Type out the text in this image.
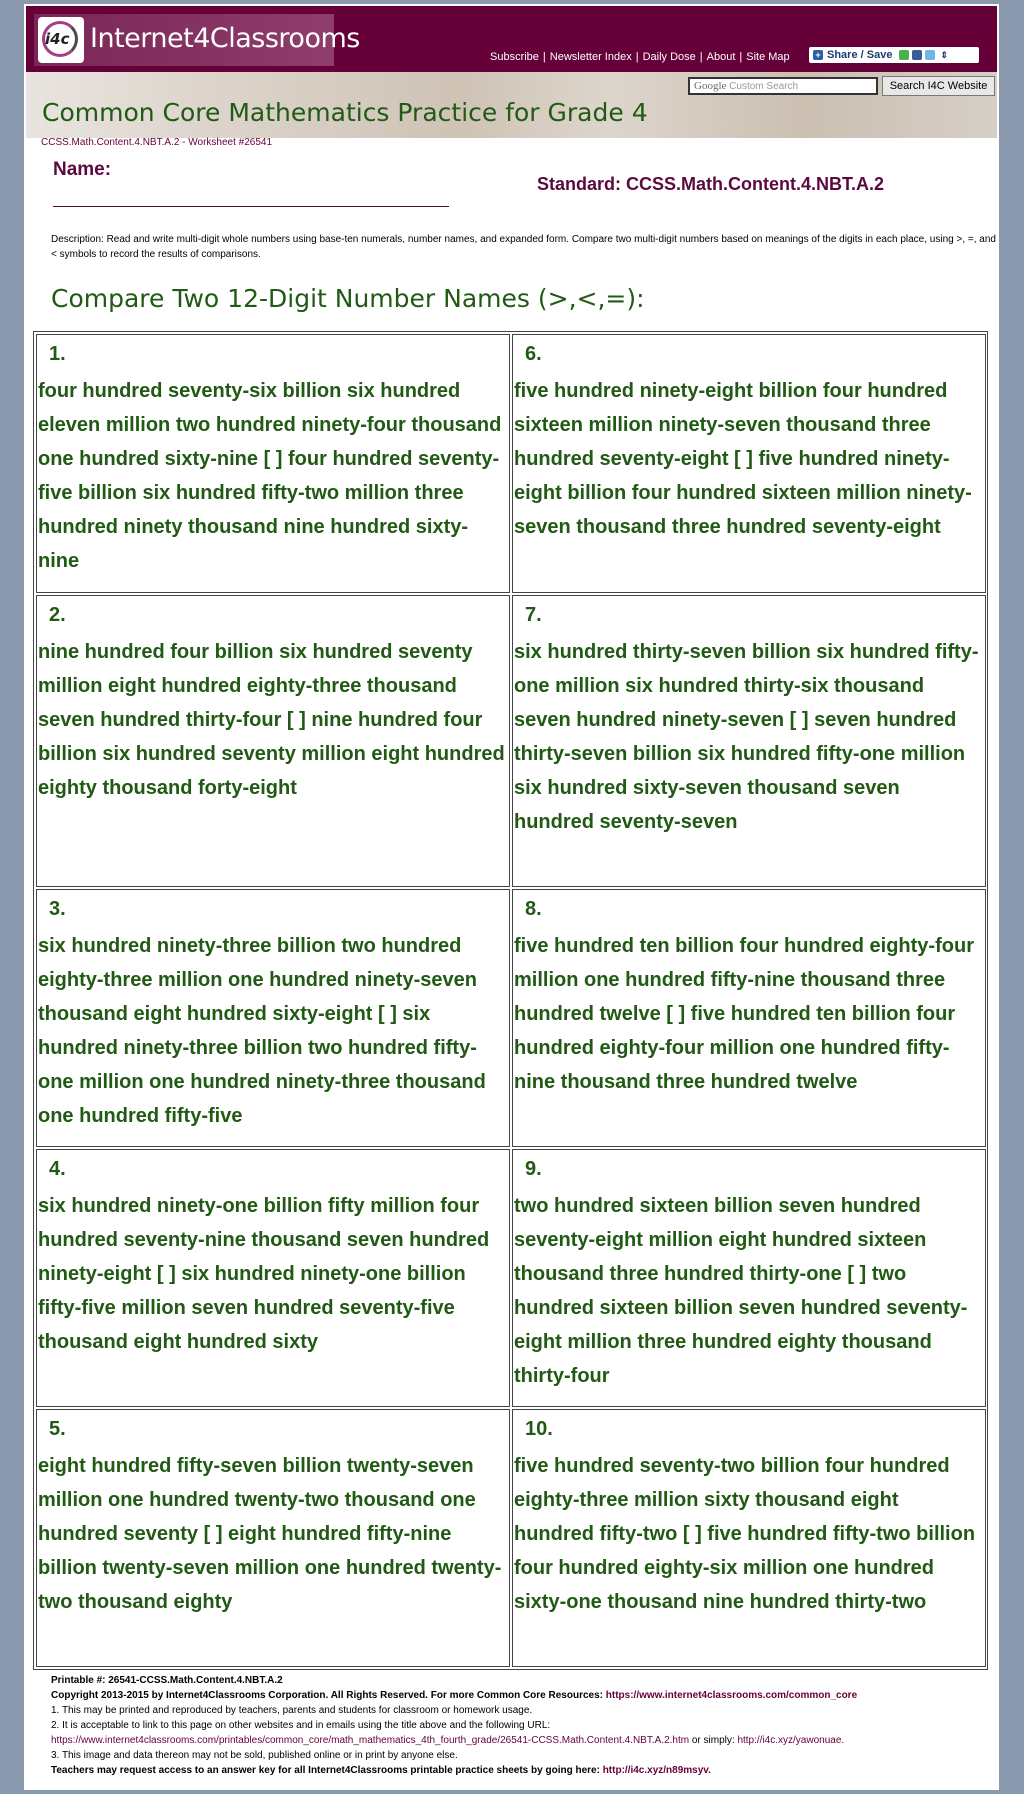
i4c Internet4Classrooms
Subscribe | Newsletter Index | Daily Dose | About | Site Map	+ Share / Save	⇕
Google Custom Search	Search I4C Website
Common Core Mathematics Practice for Grade 4
CCSS.Math.Content.4.NBT.A.2 - Worksheet #26541
Name:
Standard: CCSS.Math.Content.4.NBT.A.2
Description: Read and write multi-digit whole numbers using base-ten numerals, number names, and expanded form. Compare two multi-digit numbers based on meanings of the digits in each place, using >, =, and < symbols to record the results of comparisons.
Compare Two 12-Digit Number Names (>,<,=):
1.
four hundred seventy-six billion six hundred eleven million two hundred ninety-four thousand one hundred sixty-nine [ ] four hundred seventy-five billion six hundred fifty-two million three hundred ninety thousand nine hundred sixty-nine
6.
five hundred ninety-eight billion four hundred sixteen million ninety-seven thousand three hundred seventy-eight [ ] five hundred ninety-eight billion four hundred sixteen million ninety-seven thousand three hundred seventy-eight
2.
nine hundred four billion six hundred seventy million eight hundred eighty-three thousand seven hundred thirty-four [ ] nine hundred four billion six hundred seventy million eight hundred eighty thousand forty-eight
7.
six hundred thirty-seven billion six hundred fifty-one million six hundred thirty-six thousand seven hundred ninety-seven [ ] seven hundred thirty-seven billion six hundred fifty-one million six hundred sixty-seven thousand seven hundred seventy-seven
3.
six hundred ninety-three billion two hundred eighty-three million one hundred ninety-seven thousand eight hundred sixty-eight [ ] six hundred ninety-three billion two hundred fifty-one million one hundred ninety-three thousand one hundred fifty-five
8.
five hundred ten billion four hundred eighty-four million one hundred fifty-nine thousand three hundred twelve [ ] five hundred ten billion four hundred eighty-four million one hundred fifty-nine thousand three hundred twelve
4.
six hundred ninety-one billion fifty million four hundred seventy-nine thousand seven hundred ninety-eight [ ] six hundred ninety-one billion fifty-five million seven hundred seventy-five thousand eight hundred sixty
9.
two hundred sixteen billion seven hundred seventy-eight million eight hundred sixteen thousand three hundred thirty-one [ ] two hundred sixteen billion seven hundred seventy-eight million three hundred eighty thousand thirty-four
5.
eight hundred fifty-seven billion twenty-seven million one hundred twenty-two thousand one hundred seventy [ ] eight hundred fifty-nine billion twenty-seven million one hundred twenty-two thousand eighty
10.
five hundred seventy-two billion four hundred eighty-three million sixty thousand eight hundred fifty-two [ ] five hundred fifty-two billion four hundred eighty-six million one hundred sixty-one thousand nine hundred thirty-two
Printable #: 26541-CCSS.Math.Content.4.NBT.A.2
Copyright 2013-2015 by Internet4Classrooms Corporation. All Rights Reserved. For more Common Core Resources: https://www.internet4classrooms.com/common_core
1. This may be printed and reproduced by teachers, parents and students for classroom or homework usage.
2. It is acceptable to link to this page on other websites and in emails using the title above and the following URL:
https://www.internet4classrooms.com/printables/common_core/math_mathematics_4th_fourth_grade/26541-CCSS.Math.Content.4.NBT.A.2.htm or simply: http://i4c.xyz/yawonuae.
3. This image and data thereon may not be sold, published online or in print by anyone else.
Teachers may request access to an answer key for all Internet4Classrooms printable practice sheets by going here: http://i4c.xyz/n89msyv.
